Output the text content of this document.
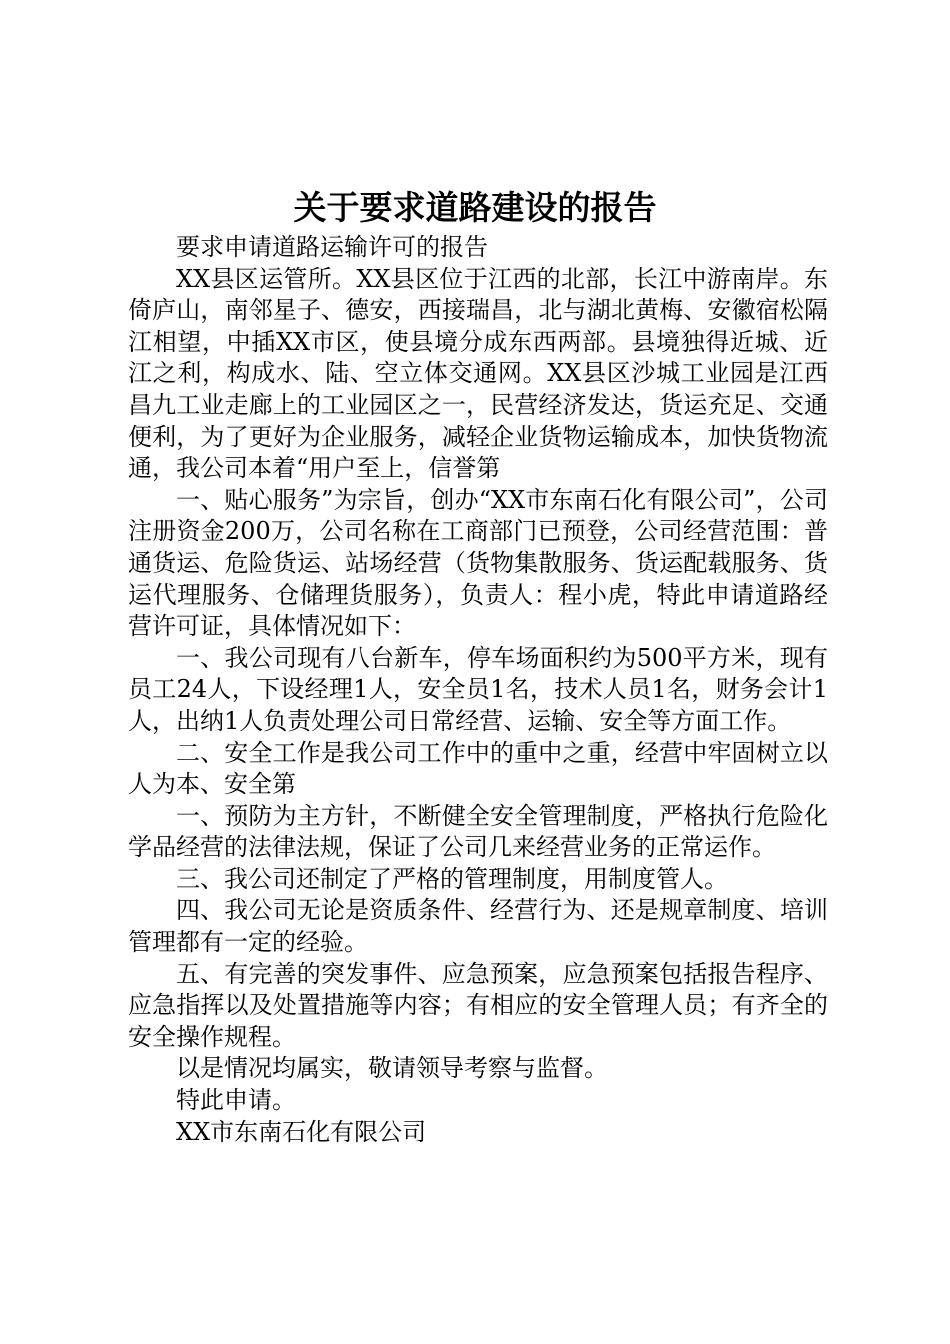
关于要求道路建设的报告

要求申请道路运输许可的报告

XX县区运管所。XX县区位于江西的北部，长江中游南岸。东倚庐山，南邻星子、德安，西接瑞昌，北与湖北黄梅、安徽宿松隔江相望，中插XX市区，使县境分成东西两部。县境独得近城、近江之利，构成水、陆、空立体交通网。XX县区沙城工业园是江西昌九工业走廊上的工业园区之一，民营经济发达，货运充足、交通便利，为了更好为企业服务，减轻企业货物运输成本，加快货物流通，我公司本着“用户至上，信誉第

一、贴心服务”为宗旨，创办“XX市东南石化有限公司”，公司注册资金200万，公司名称在工商部门已预登，公司经营范围：普通货运、危险货运、站场经营（货物集散服务、货运配载服务、货运代理服务、仓储理货服务），负责人：程小虎，特此申请道路经营许可证，具体情况如下：

一、我公司现有八台新车，停车场面积约为500平方米，现有员工24人，下设经理1人，安全员1名，技术人员1名，财务会计1人，出纳1人负责处理公司日常经营、运输、安全等方面工作。

二、安全工作是我公司工作中的重中之重，经营中牢固树立以人为本、安全第

一、预防为主方针，不断健全安全管理制度，严格执行危险化学品经营的法律法规，保证了公司几来经营业务的正常运作。

三、我公司还制定了严格的管理制度，用制度管人。

四、我公司无论是资质条件、经营行为、还是规章制度、培训管理都有一定的经验。

五、有完善的突发事件、应急预案，应急预案包括报告程序、应急指挥以及处置措施等内容；有相应的安全管理人员；有齐全的安全操作规程。

以是情况均属实，敬请领导考察与监督。

特此申请。

XX市东南石化有限公司
